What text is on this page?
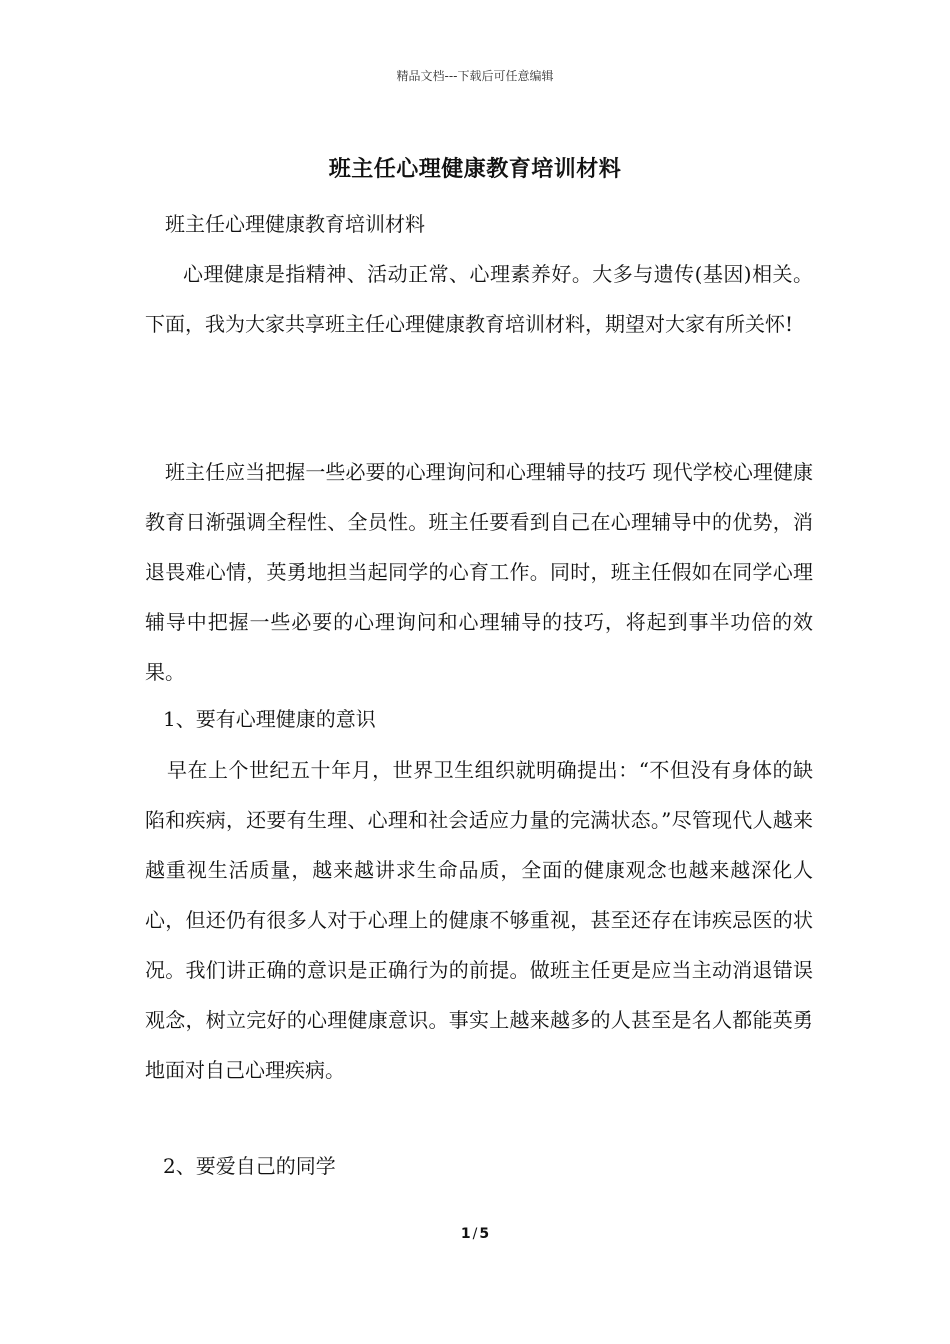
精品文档---下载后可任意编辑
班主任心理健康教育培训材料

班主任心理健康教育培训材料

心理健康是指精神、活动正常、心理素养好。大多与遗传(基因)相关。下面，我为大家共享班主任心理健康教育培训材料，期望对大家有所关怀!

班主任应当把握一些必要的心理询问和心理辅导的技巧 现代学校心理健康教育日渐强调全程性、全员性。班主任要看到自己在心理辅导中的优势，消退畏难心情，英勇地担当起同学的心育工作。同时，班主任假如在同学心理辅导中把握一些必要的心理询问和心理辅导的技巧，将起到事半功倍的效果。

1、要有心理健康的意识

早在上个世纪五十年月，世界卫生组织就明确提出：“不但没有身体的缺陷和疾病，还要有生理、心理和社会适应力量的完满状态。”尽管现代人越来越重视生活质量，越来越讲求生命品质，全面的健康观念也越来越深化人心，但还仍有很多人对于心理上的健康不够重视，甚至还存在讳疾忌医的状况。我们讲正确的意识是正确行为的前提。做班主任更是应当主动消退错误观念，树立完好的心理健康意识。事实上越来越多的人甚至是名人都能英勇地面对自己心理疾病。

2、要爱自己的同学

1 / 5
